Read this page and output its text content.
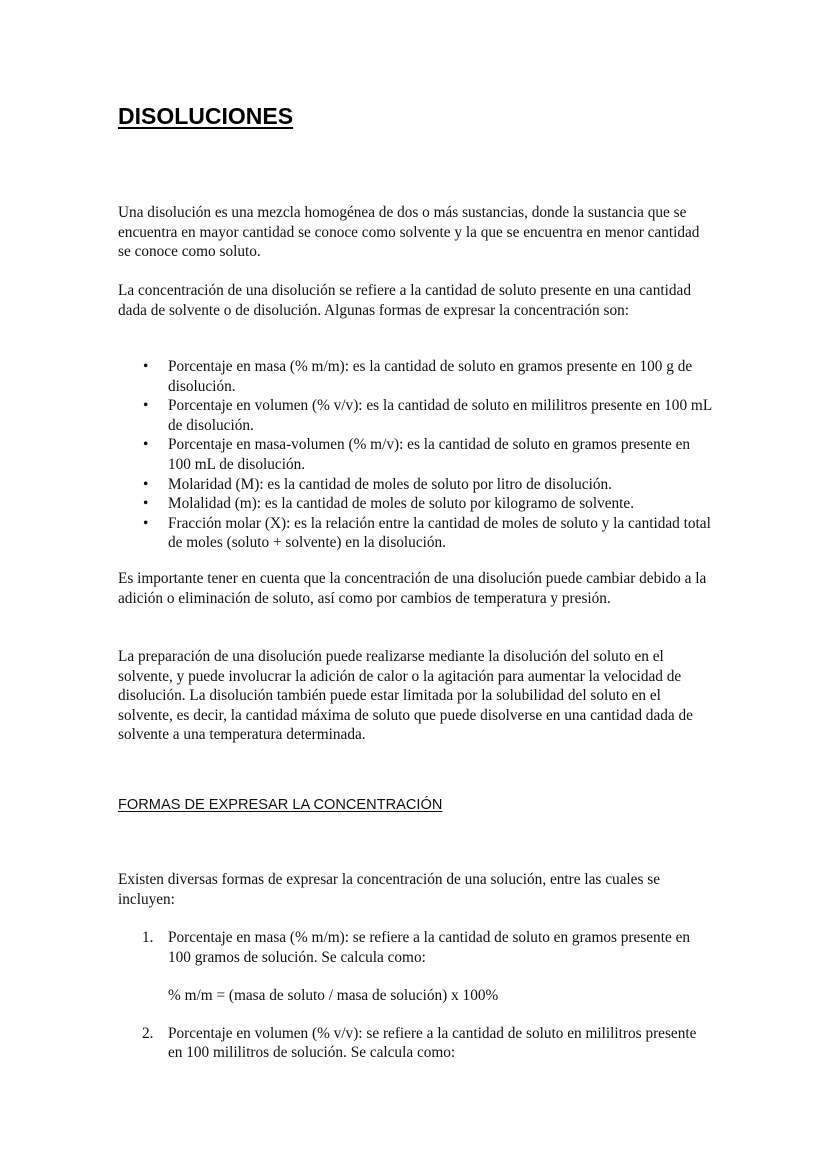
DISOLUCIONES

Una disolución es una mezcla homogénea de dos o más sustancias, donde la sustancia que se encuentra en mayor cantidad se conoce como solvente y la que se encuentra en menor cantidad se conoce como soluto.

La concentración de una disolución se refiere a la cantidad de soluto presente en una cantidad dada de solvente o de disolución. Algunas formas de expresar la concentración son:

• Porcentaje en masa (% m/m): es la cantidad de soluto en gramos presente en 100 g de disolución.
• Porcentaje en volumen (% v/v): es la cantidad de soluto en mililitros presente en 100 mL de disolución.
• Porcentaje en masa-volumen (% m/v): es la cantidad de soluto en gramos presente en 100 mL de disolución.
• Molaridad (M): es la cantidad de moles de soluto por litro de disolución.
• Molalidad (m): es la cantidad de moles de soluto por kilogramo de solvente.
• Fracción molar (X): es la relación entre la cantidad de moles de soluto y la cantidad total de moles (soluto + solvente) en la disolución.

Es importante tener en cuenta que la concentración de una disolución puede cambiar debido a la adición o eliminación de soluto, así como por cambios de temperatura y presión.

La preparación de una disolución puede realizarse mediante la disolución del soluto en el solvente, y puede involucrar la adición de calor o la agitación para aumentar la velocidad de disolución. La disolución también puede estar limitada por la solubilidad del soluto en el solvente, es decir, la cantidad máxima de soluto que puede disolverse en una cantidad dada de solvente a una temperatura determinada.

FORMAS DE EXPRESAR LA CONCENTRACIÓN

Existen diversas formas de expresar la concentración de una solución, entre las cuales se incluyen:

1. Porcentaje en masa (% m/m): se refiere a la cantidad de soluto en gramos presente en 100 gramos de solución. Se calcula como:
% m/m = (masa de soluto / masa de solución) x 100%
2. Porcentaje en volumen (% v/v): se refiere a la cantidad de soluto en mililitros presente en 100 mililitros de solución. Se calcula como:
